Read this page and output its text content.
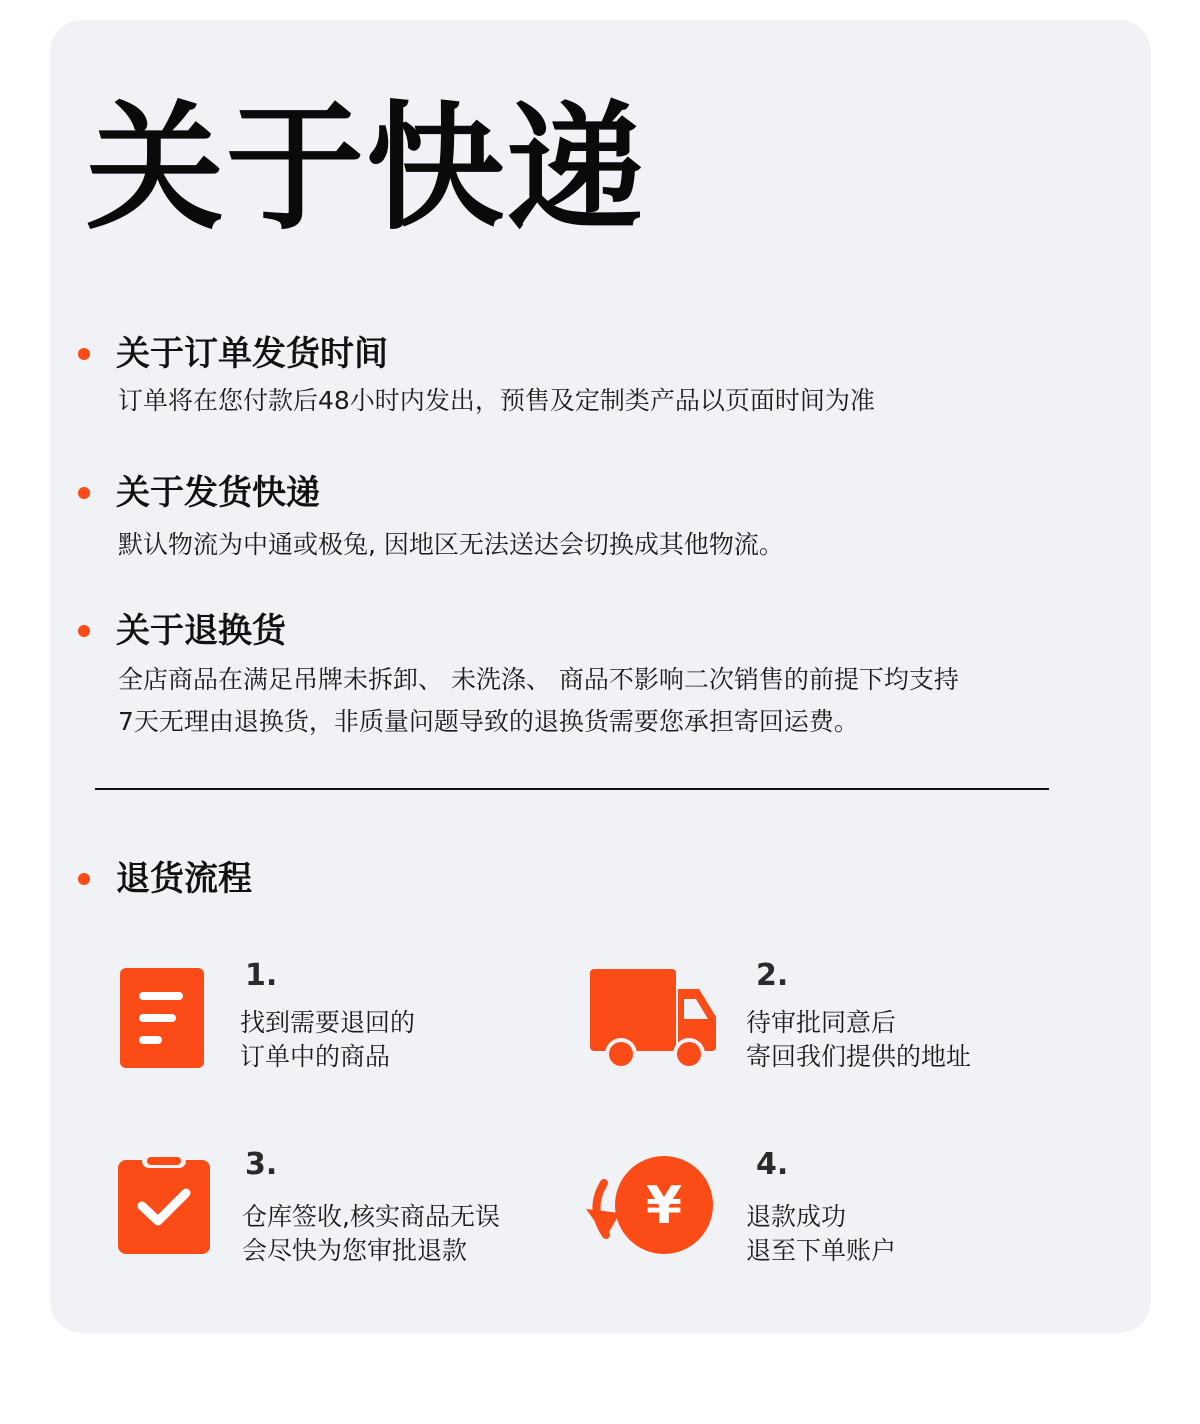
关于快递
关于订单发货时间

订单将在您付款后48小时内发出，预售及定制类产品以页面时间为准

关于发货快递

默认物流为中通或极兔, 因地区无法送达会切换成其他物流。

关于退换货

全店商品在满足吊牌未拆卸、 未洗涤、 商品不影响二次销售的前提下均支持

7天无理由退换货，非质量问题导致的退换货需要您承担寄回运费。

退货流程

1.

找到需要退回的
订单中的商品

2.

待审批同意后
寄回我们提供的地址

3.

仓库签收,核实商品无误
会尽快为您审批退款

¥

4.

退款成功
退至下单账户
